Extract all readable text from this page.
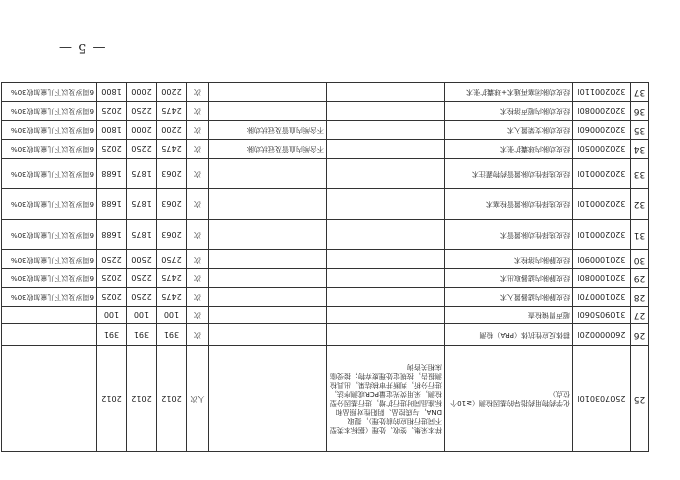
— 5 —
25	250703010l	化学药物用药指导的基因检测（≥10个位点）	样本采集、签收、处理（据标本类型不同进行相应的前处理），提取DNA，与质控品、阴阳性对照品和标准品同时进行扩增，进行基因分型检测，采用荧光定量PCR或测序法，进行分析，判断并审核结果，出具检测报告，按规定处理废弃物；接受临床相关咨询		人次	2012	2012	2012	
26	260000020l	群体反应性抗体（PRA）检测			次	391	391	391	
27	310905060l	超声胃镜检查			次	100	100	100	
28	320100070l	经皮静脉内滤器置入术			次	2475	2250	2025	6周岁及以下儿童加收30%
29	320100080l	经皮静脉内滤器取出术			次	2475	2250	2025	6周岁及以下儿童加收30%
30	320100090l	经皮静脉内溶栓术			次	2750	2500	2250	6周岁及以下儿童加收30%
31	320200010l	经皮选择性动脉置管术			次	2063	1875	1688	6周岁及以下儿童加收30%
32	320200010l	经皮选择性动脉置管栓塞术			次	2063	1875	1688	6周岁及以下儿童加收30%
33	320200010l	经皮选择性动脉置管药物灌注术			次	2063	1875	1688	6周岁及以下儿童加收30%
34	320200050l	经皮动脉内球囊扩张术		不含颅内血管及冠状动脉	次	2475	2250	2025	6周岁及以下儿童加收30%
35	320200060l	经皮动脉支架置入术		不含颅内血管及冠状动脉	次	2200	2000	1800	6周岁及以下儿童加收30%
36	320200080l	经皮动脉内超声溶栓术			次	2475	2250	2025	6周岁及以下儿童加收30%
37	320200110l	经皮动脉闭塞再通术+球囊扩张术			次	2200	2000	1800	6周岁及以下儿童加收30%
